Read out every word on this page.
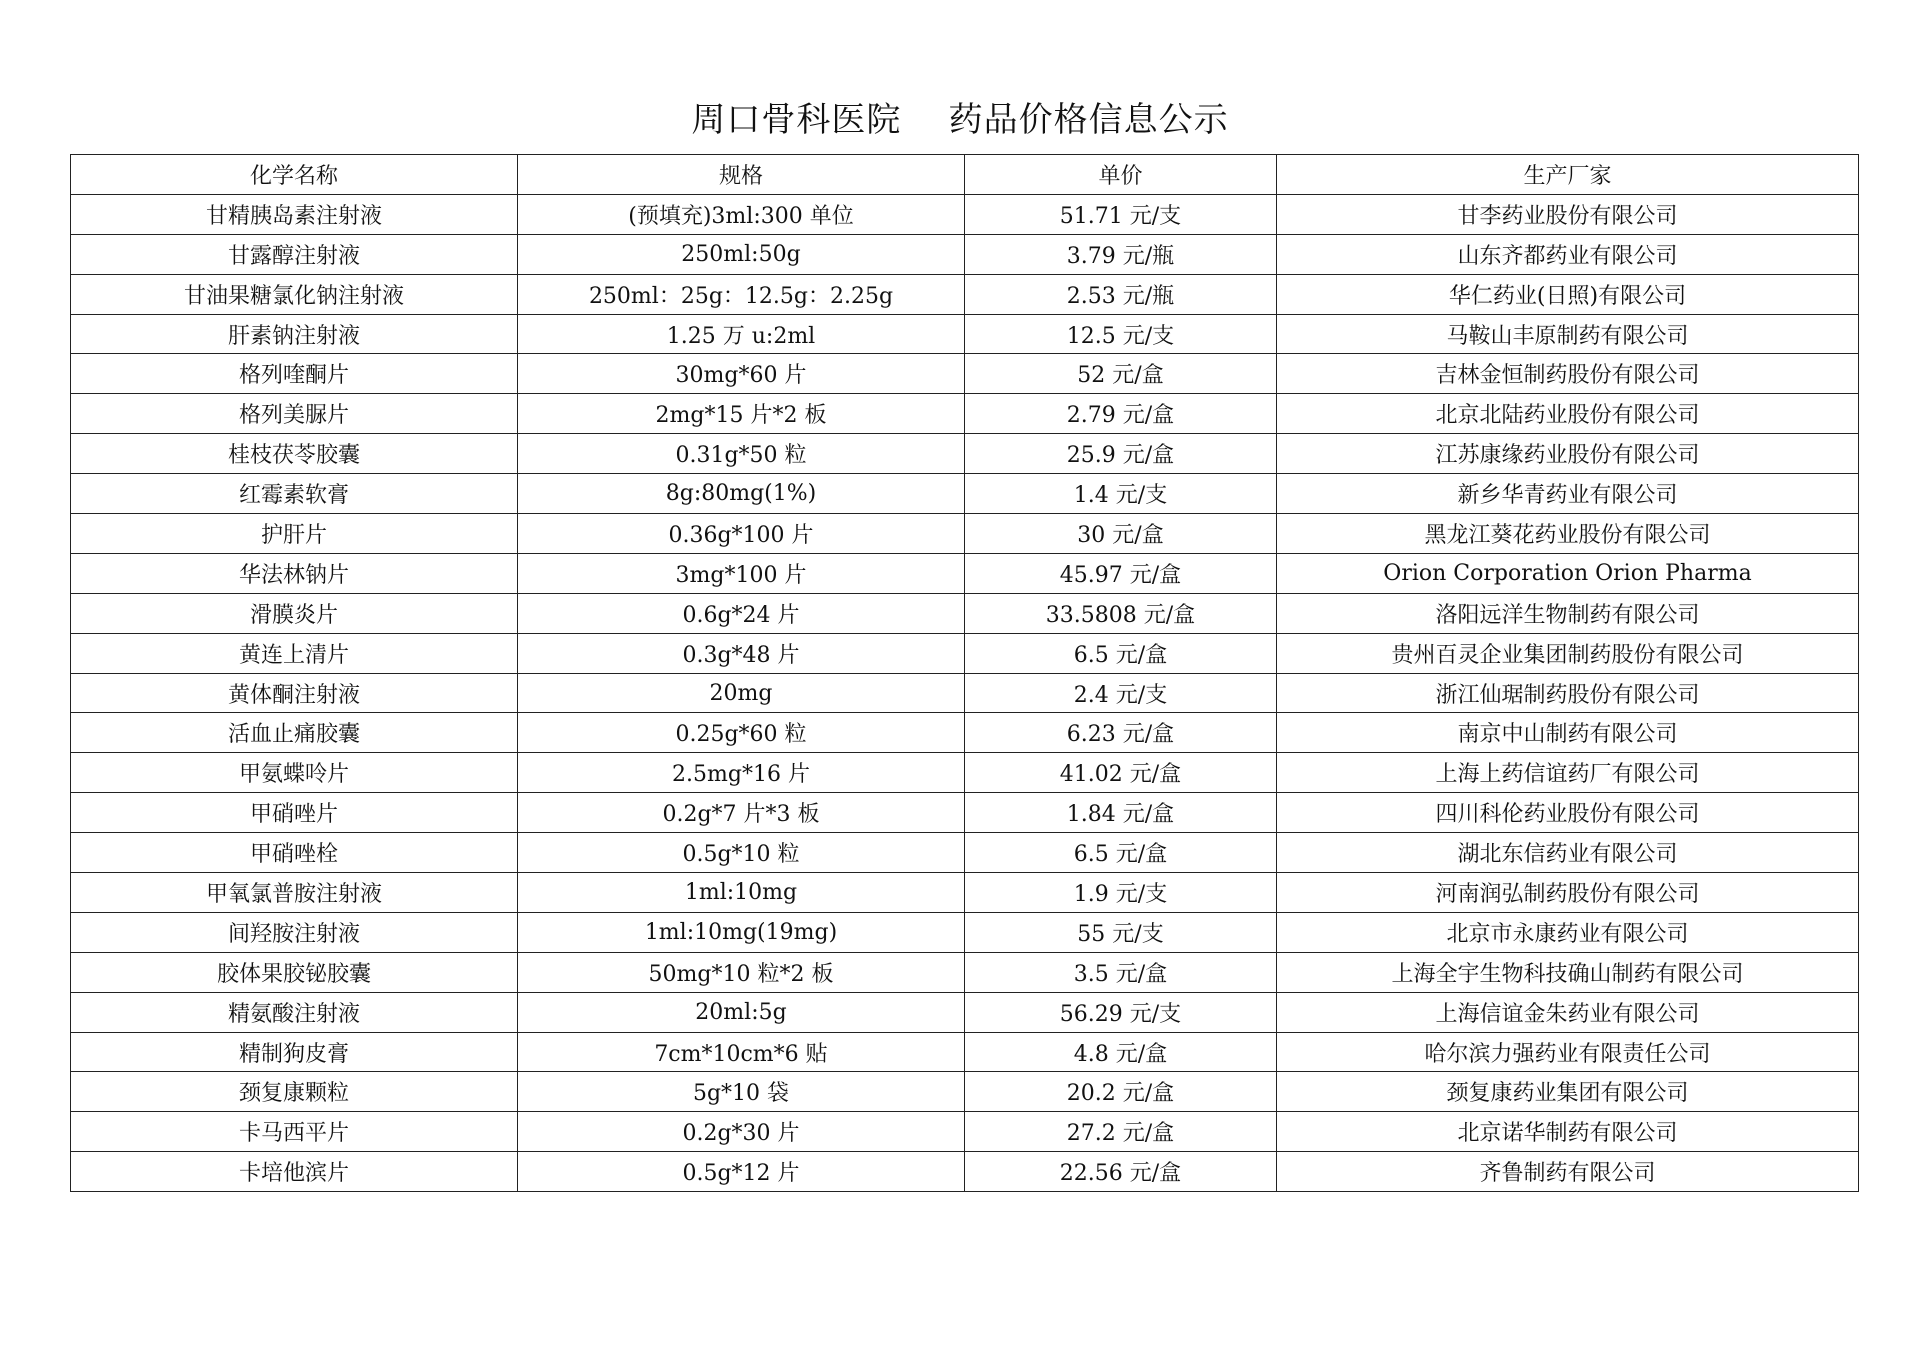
周口骨科医院    药品价格信息公示
化学名称	规格	单价	生产厂家
甘精胰岛素注射液	(预填充)3ml:300 单位	51.71 元/支	甘李药业股份有限公司
甘露醇注射液	250ml:50g	3.79 元/瓶	山东齐都药业有限公司
甘油果糖氯化钠注射液	250ml：25g：12.5g：2.25g	2.53 元/瓶	华仁药业(日照)有限公司
肝素钠注射液	1.25 万 u:2ml	12.5 元/支	马鞍山丰原制药有限公司
格列喹酮片	30mg*60 片	52 元/盒	吉林金恒制药股份有限公司
格列美脲片	2mg*15 片*2 板	2.79 元/盒	北京北陆药业股份有限公司
桂枝茯苓胶囊	0.31g*50 粒	25.9 元/盒	江苏康缘药业股份有限公司
红霉素软膏	8g:80mg(1%)	1.4 元/支	新乡华青药业有限公司
护肝片	0.36g*100 片	30 元/盒	黑龙江葵花药业股份有限公司
华法林钠片	3mg*100 片	45.97 元/盒	Orion Corporation Orion Pharma
滑膜炎片	0.6g*24 片	33.5808 元/盒	洛阳远洋生物制药有限公司
黄连上清片	0.3g*48 片	6.5 元/盒	贵州百灵企业集团制药股份有限公司
黄体酮注射液	20mg	2.4 元/支	浙江仙琚制药股份有限公司
活血止痛胶囊	0.25g*60 粒	6.23 元/盒	南京中山制药有限公司
甲氨蝶呤片	2.5mg*16 片	41.02 元/盒	上海上药信谊药厂有限公司
甲硝唑片	0.2g*7 片*3 板	1.84 元/盒	四川科伦药业股份有限公司
甲硝唑栓	0.5g*10 粒	6.5 元/盒	湖北东信药业有限公司
甲氧氯普胺注射液	1ml:10mg	1.9 元/支	河南润弘制药股份有限公司
间羟胺注射液	1ml:10mg(19mg)	55 元/支	北京市永康药业有限公司
胶体果胶铋胶囊	50mg*10 粒*2 板	3.5 元/盒	上海全宇生物科技确山制药有限公司
精氨酸注射液	20ml:5g	56.29 元/支	上海信谊金朱药业有限公司
精制狗皮膏	7cm*10cm*6 贴	4.8 元/盒	哈尔滨力强药业有限责任公司
颈复康颗粒	5g*10 袋	20.2 元/盒	颈复康药业集团有限公司
卡马西平片	0.2g*30 片	27.2 元/盒	北京诺华制药有限公司
卡培他滨片	0.5g*12 片	22.56 元/盒	齐鲁制药有限公司
